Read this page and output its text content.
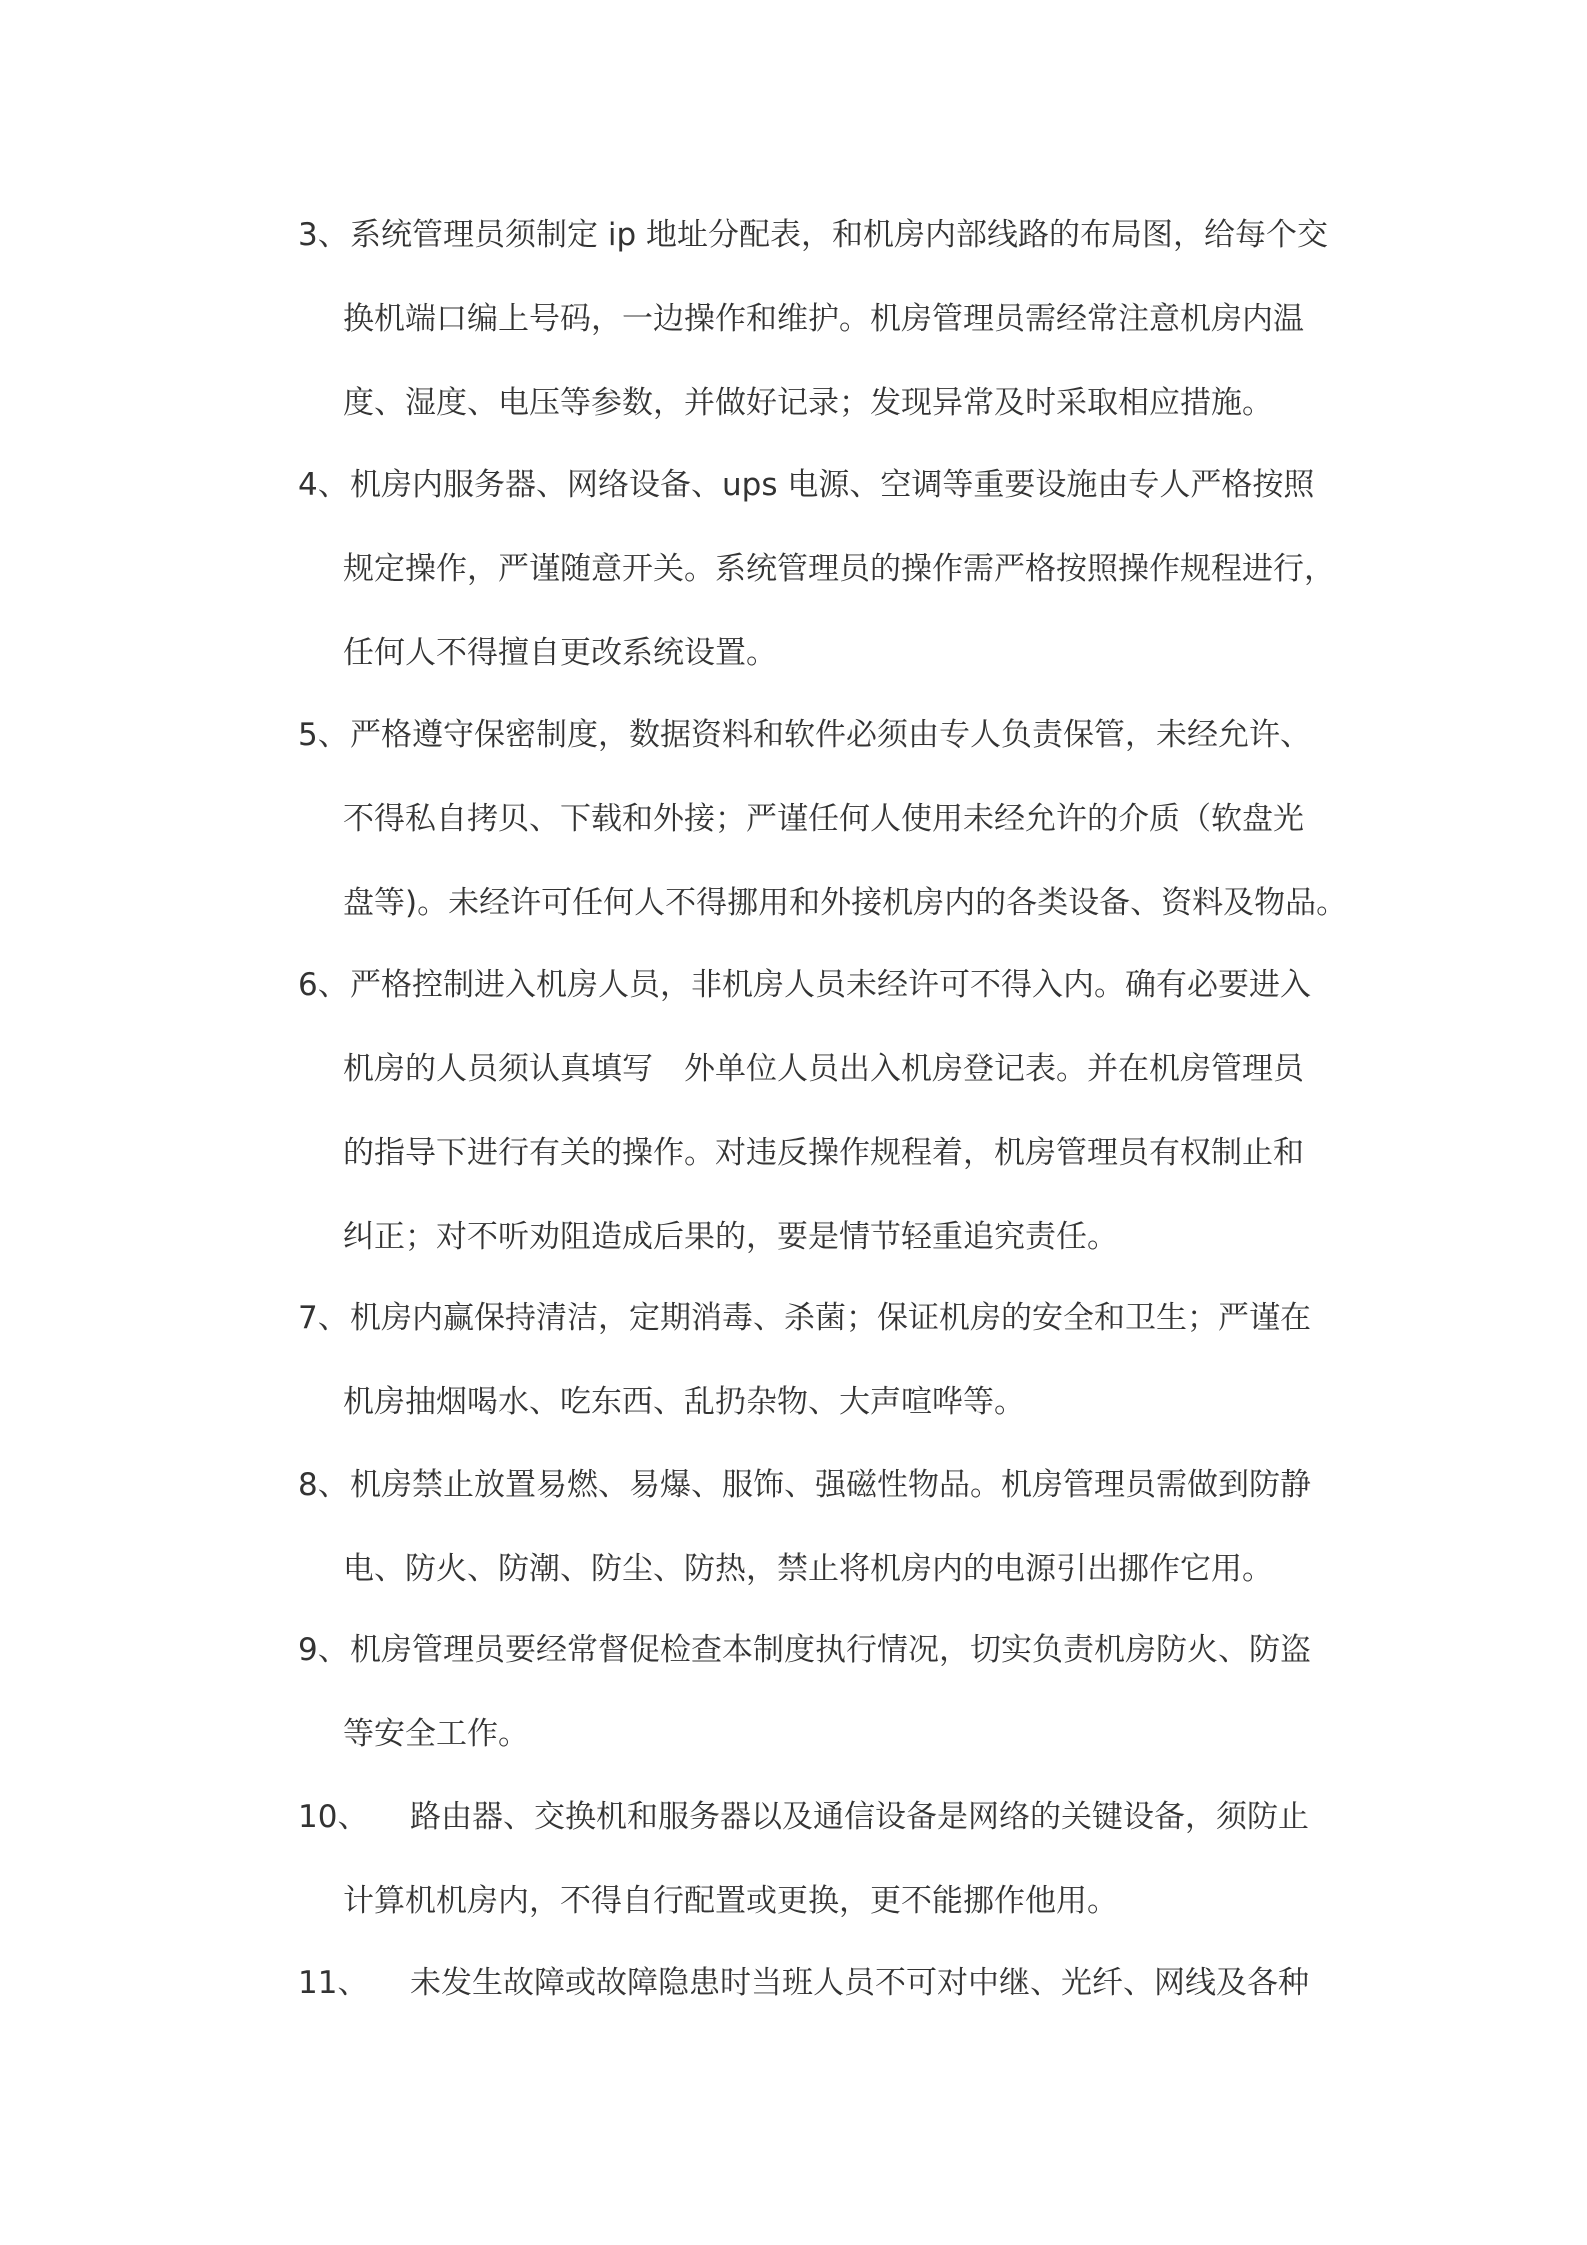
3、 系统管理员须制定 ip 地址分配表，和机房内部线路的布局图，给每个交
换机端口编上号码，一边操作和维护。机房管理员需经常注意机房内温
度、湿度、电压等参数，并做好记录；发现异常及时采取相应措施。
4、 机房内服务器、网络设备、ups 电源、空调等重要设施由专人严格按照
规定操作，严谨随意开关。系统管理员的操作需严格按照操作规程进行，
任何人不得擅自更改系统设置。
5、 严格遵守保密制度，数据资料和软件必须由专人负责保管，未经允许、
不得私自拷贝、下载和外接；严谨任何人使用未经允许的介质（软盘光
盘等)。未经许可任何人不得挪用和外接机房内的各类设备、资料及物品。
6、 严格控制进入机房人员，非机房人员未经许可不得入内。确有必要进入
机房的人员须认真填写　外单位人员出入机房登记表。并在机房管理员
的指导下进行有关的操作。对违反操作规程着，机房管理员有权制止和
纠正；对不听劝阻造成后果的，要是情节轻重追究责任。
7、 机房内赢保持清洁，定期消毒、杀菌；保证机房的安全和卫生；严谨在
机房抽烟喝水、吃东西、乱扔杂物、大声喧哗等。
8、 机房禁止放置易燃、易爆、服饰、强磁性物品。机房管理员需做到防静
电、防火、防潮、防尘、防热，禁止将机房内的电源引出挪作它用。
9、 机房管理员要经常督促检查本制度执行情况，切实负责机房防火、防盗
等安全工作。
10、 路由器、交换机和服务器以及通信设备是网络的关键设备，须防止
计算机机房内，不得自行配置或更换，更不能挪作他用。
11、 未发生故障或故障隐患时当班人员不可对中继、光纤、网线及各种
